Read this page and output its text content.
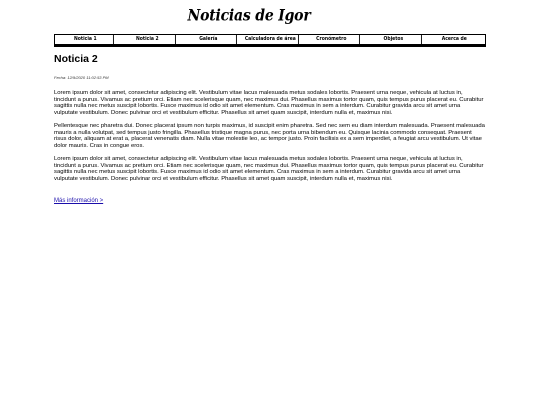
Noticias de Igor
Noticia 1	Noticia 2	Galería	Calculadora de área	Cronómetro	Objetos	Acerca de
Noticia 2
Fecha: 12/9/2020 11:02:53 PM

Lorem ipsum dolor sit amet, consectetur adipiscing elit. Vestibulum vitae lacus malesuada metus sodales lobortis. Praesent urna neque, vehicula at luctus in, tincidunt a purus. Vivamus ac pretium orci. Etiam nec scelerisque quam, nec maximus dui. Phasellus maximus tortor quam, quis tempus purus placerat eu. Curabitur sagittis nulla nec metus suscipit lobortis. Fusce maximus id odio sit amet elementum. Cras maximus in sem a interdum. Curabitur gravida arcu sit amet urna vulputate vestibulum. Donec pulvinar orci et vestibulum efficitur. Phasellus sit amet quam suscipit, interdum nulla et, maximus nisi.

Pellentesque nec pharetra dui. Donec placerat ipsum non turpis maximus, id suscipit enim pharetra. Sed nec sem eu diam interdum malesuada. Praesent malesuada mauris a nulla volutpat, sed tempus justo fringilla. Phasellus tristique magna purus, nec porta urna bibendum eu. Quisque lacinia commodo consequat. Praesent risus dolor, aliquam at erat a, placerat venenatis diam. Nulla vitae molestie leo, ac tempor justo. Proin facilisis ex a sem imperdiet, a feugiat arcu vestibulum. Ut vitae dolor mauris. Cras in congue eros.

Lorem ipsum dolor sit amet, consectetur adipiscing elit. Vestibulum vitae lacus malesuada metus sodales lobortis. Praesent urna neque, vehicula at luctus in, tincidunt a purus. Vivamus ac pretium orci. Etiam nec scelerisque quam, nec maximus dui. Phasellus maximus tortor quam, quis tempus purus placerat eu. Curabitur sagittis nulla nec metus suscipit lobortis. Fusce maximus id odio sit amet elementum. Cras maximus in sem a interdum. Curabitur gravida arcu sit amet urna vulputate vestibulum. Donec pulvinar orci et vestibulum efficitur. Phasellus sit amet quam suscipit, interdum nulla et, maximus nisi.

Más información >
